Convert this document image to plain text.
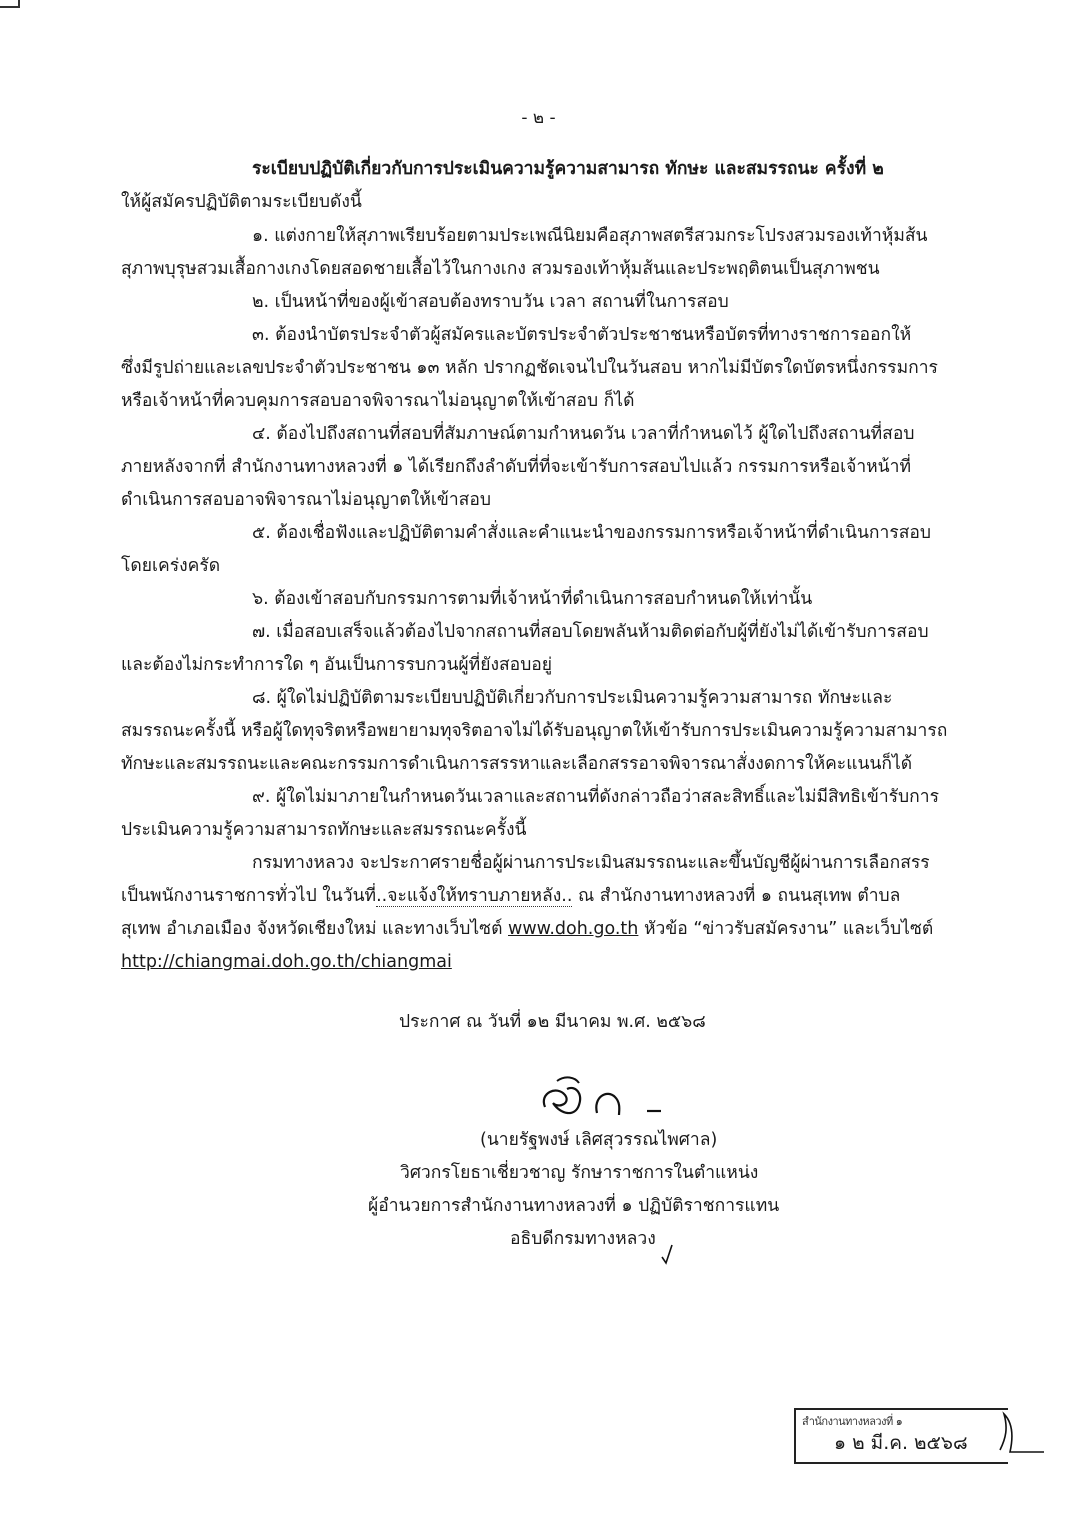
- ๒ -
ระเบียบปฏิบัติเกี่ยวกับการประเมินความรู้ความสามารถ ทักษะ และสมรรถนะ ครั้งที่ ๒
ให้ผู้สมัครปฏิบัติตามระเบียบดังนี้
๑. แต่งกายให้สุภาพเรียบร้อยตามประเพณีนิยมคือสุภาพสตรีสวมกระโปรงสวมรองเท้าหุ้มส้น
สุภาพบุรุษสวมเสื้อกางเกงโดยสอดชายเสื้อไว้ในกางเกง สวมรองเท้าหุ้มส้นและประพฤติตนเป็นสุภาพชน
๒. เป็นหน้าที่ของผู้เข้าสอบต้องทราบวัน เวลา สถานที่ในการสอบ
๓. ต้องนำบัตรประจำตัวผู้สมัครและบัตรประจำตัวประชาชนหรือบัตรที่ทางราชการออกให้
ซึ่งมีรูปถ่ายและเลขประจำตัวประชาชน ๑๓ หลัก ปรากฏชัดเจนไปในวันสอบ หากไม่มีบัตรใดบัตรหนึ่งกรรมการ
หรือเจ้าหน้าที่ควบคุมการสอบอาจพิจารณาไม่อนุญาตให้เข้าสอบ ก็ได้
๔. ต้องไปถึงสถานที่สอบที่สัมภาษณ์ตามกำหนดวัน เวลาที่กำหนดไว้ ผู้ใดไปถึงสถานที่สอบ
ภายหลังจากที่ สำนักงานทางหลวงที่ ๑ ได้เรียกถึงลำดับที่ที่จะเข้ารับการสอบไปแล้ว กรรมการหรือเจ้าหน้าที่
ดำเนินการสอบอาจพิจารณาไม่อนุญาตให้เข้าสอบ
๕. ต้องเชื่อฟังและปฏิบัติตามคำสั่งและคำแนะนำของกรรมการหรือเจ้าหน้าที่ดำเนินการสอบ
โดยเคร่งครัด
๖. ต้องเข้าสอบกับกรรมการตามที่เจ้าหน้าที่ดำเนินการสอบกำหนดให้เท่านั้น
๗. เมื่อสอบเสร็จแล้วต้องไปจากสถานที่สอบโดยพลันห้ามติดต่อกับผู้ที่ยังไม่ได้เข้ารับการสอบ
และต้องไม่กระทำการใด ๆ อันเป็นการรบกวนผู้ที่ยังสอบอยู่
๘. ผู้ใดไม่ปฏิบัติตามระเบียบปฏิบัติเกี่ยวกับการประเมินความรู้ความสามารถ ทักษะและ
สมรรถนะครั้งนี้ หรือผู้ใดทุจริตหรือพยายามทุจริตอาจไม่ได้รับอนุญาตให้เข้ารับการประเมินความรู้ความสามารถ
ทักษะและสมรรถนะและคณะกรรมการดำเนินการสรรหาและเลือกสรรอาจพิจารณาสั่งงดการให้คะแนนก็ได้
๙. ผู้ใดไม่มาภายในกำหนดวันเวลาและสถานที่ดังกล่าวถือว่าสละสิทธิ์และไม่มีสิทธิเข้ารับการ
ประเมินความรู้ความสามารถทักษะและสมรรถนะครั้งนี้
กรมทางหลวง จะประกาศรายชื่อผู้ผ่านการประเมินสมรรถนะและขึ้นบัญชีผู้ผ่านการเลือกสรร
เป็นพนักงานราชการทั่วไป ในวันที่..จะแจ้งให้ทราบภายหลัง.. ณ สำนักงานทางหลวงที่ ๑ ถนนสุเทพ ตำบล
สุเทพ อำเภอเมือง จังหวัดเชียงใหม่ และทางเว็บไซต์ www.doh.go.th หัวข้อ “ข่าวรับสมัครงาน” และเว็บไซต์
http://chiangmai.doh.go.th/chiangmai
ประกาศ ณ วันที่ ๑๒ มีนาคม พ.ศ. ๒๕๖๘
(นายรัฐพงษ์ เลิศสุวรรณไพศาล)
วิศวกรโยธาเชี่ยวชาญ รักษาราชการในตำแหน่ง
ผู้อำนวยการสำนักงานทางหลวงที่ ๑ ปฏิบัติราชการแทน
อธิบดีกรมทางหลวง
สำนักงานทางหลวงที่ ๑
๑ ๒ มี.ค. ๒๕๖๘
